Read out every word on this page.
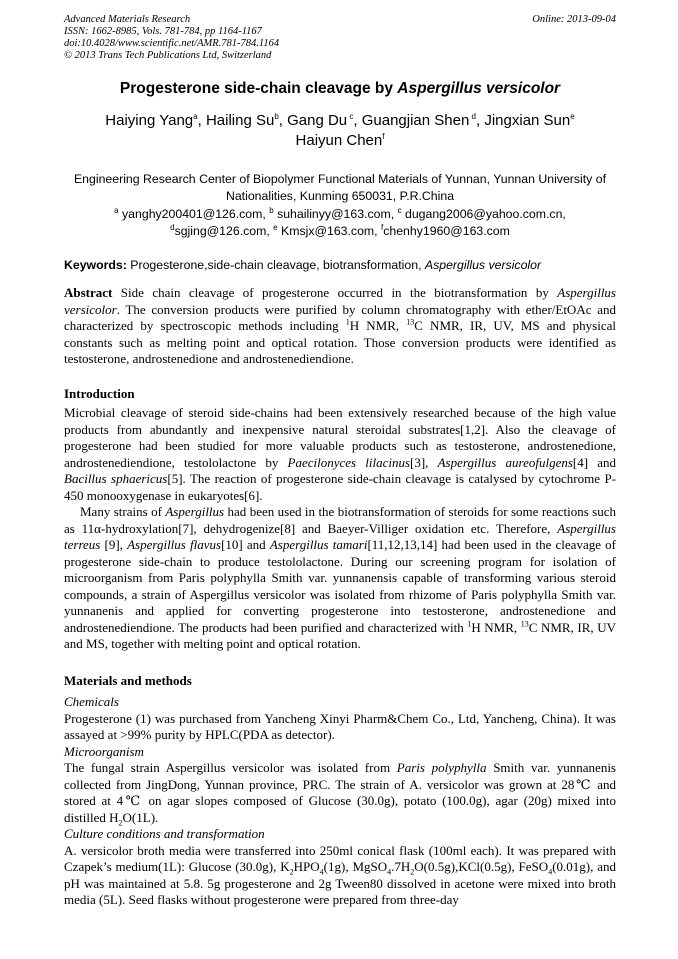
Advanced Materials Research
ISSN: 1662-8985, Vols. 781-784, pp 1164-1167
doi:10.4028/www.scientific.net/AMR.781-784.1164
© 2013 Trans Tech Publications Ltd, Switzerland
Online: 2013-09-04
Progesterone side-chain cleavage by Aspergillus versicolor
Haiying Yang$^a$, Hailing Su$^b$, Gang Du $^c$, Guangjian Shen $^d$, Jingxian Sun$^e$
Haiyun Chen$^f$
Engineering Research Center of Biopolymer Functional Materials of Yunnan, Yunnan University of
Nationalities, Kunming 650031, P.R.China
$^a$ yanghy200401@126.com, $^b$ suhailinyy@163.com, $^c$ dugang2006@yahoo.com.cn,
$^d$sgjing@126.com, $^e$ Kmsjx@163.com, $^f$chenhy1960@163.com
Keywords: Progesterone,side-chain cleavage, biotransformation, Aspergillus versicolor

Abstract Side chain cleavage of progesterone occurred in the biotransformation by Aspergillus versicolor. The conversion products were purified by column chromatography with ether/EtOAc and characterized by spectroscopic methods including $^1$H NMR, $^{13}$C NMR, IR, UV, MS and physical constants such as melting point and optical rotation. Those conversion products were identified as testosterone, androstenedione and androstenediendione.

Introduction

Microbial cleavage of steroid side-chains had been extensively researched because of the high value products from abundantly and inexpensive natural steroidal substrates[1,2]. Also the cleavage of progesterone had been studied for more valuable products such as testosterone, androstenedione, androstenediendione, testololactone by Paecilonyces lilacinus[3], Aspergillus aureofulgens[4] and Bacillus sphaericus[5]. The reaction of progesterone side-chain cleavage is catalysed by cytochrome P-450 monooxygenase in eukaryotes[6].

Many strains of Aspergillus had been used in the biotransformation of steroids for some reactions such as 11α-hydroxylation[7], dehydrogenize[8] and Baeyer-Villiger oxidation etc. Therefore, Aspergillus terreus [9], Aspergillus flavus[10] and Aspergillus tamari[11,12,13,14] had been used in the cleavage of progesterone side-chain to produce testololactone. During our screening program for isolation of microorganism from Paris polyphylla Smith var. yunnanensis capable of transforming various steroid compounds, a strain of Aspergillus versicolor was isolated from rhizome of Paris polyphylla Smith var. yunnanenis and applied for converting progesterone into testosterone, androstenedione and androstenediendione. The products had been purified and characterized with $^1$H NMR, $^{13}$C NMR, IR, UV and MS, together with melting point and optical rotation.

Materials and methods

Chemicals

Progesterone (1) was purchased from Yancheng Xinyi Pharm&Chem Co., Ltd, Yancheng, China). It was assayed at >99% purity by HPLC(PDA as detector).

Microorganism

The fungal strain Aspergillus versicolor was isolated from Paris polyphylla Smith var. yunnanenis collected from JingDong, Yunnan province, PRC. The strain of A. versicolor was grown at 28℃ and stored at 4℃ on agar slopes composed of Glucose (30.0g), potato (100.0g), agar (20g) mixed into distilled $H_2O(1L)$.

Culture conditions and transformation

A. versicolor broth media were transferred into 250ml conical flask (100ml each). It was prepared with Czapek’s medium(1L): Glucose (30.0g), $K_2HPO_4(1g)$, $MgSO_4.7H_2O(0.5g),KCl(0.5g)$, FeSO$_4$(0.01g), and pH was maintained at 5.8. 5g progesterone and 2g Tween80 dissolved in acetone were mixed into broth media (5L). Seed flasks without progesterone were prepared from three-day
